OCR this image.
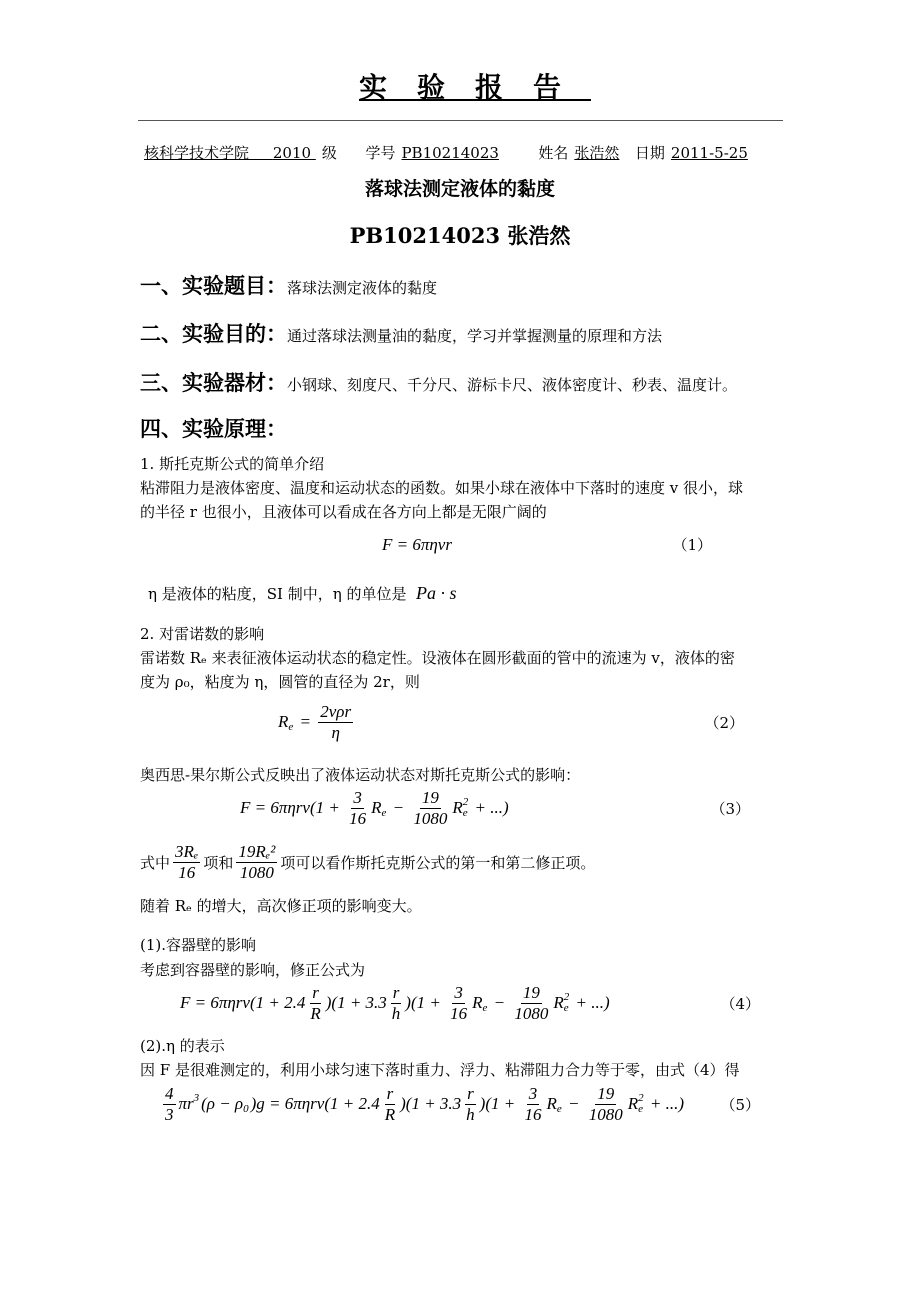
实验报告
核科学技术学院 2010 级 学号 PB10214023	姓名 张浩然 日期 2011-5-25
落球法测定液体的黏度
PB10214023 张浩然
一、实验题目：落球法测定液体的黏度
二、实验目的：通过落球法测量油的黏度，学习并掌握测量的原理和方法
三、实验器材：小钢球、刻度尺、千分尺、游标卡尺、液体密度计、秒表、温度计。
四、实验原理：
1. 斯托克斯公式的简单介绍
粘滞阻力是液体密度、温度和运动状态的函数。如果小球在液体中下落时的速度 v 很小，球
的半径 r 也很小，且液体可以看成在各方向上都是无限广阔的
F = 6πηvr	（1）
η 是液体的粘度，SI 制中，η 的单位是 Pa · s
2. 对雷诺数的影响
雷诺数 Rₑ 来表征液体运动状态的稳定性。设液体在圆形截面的管中的流速为 v，液体的密
度为 ρ₀，粘度为 η，圆管的直径为 2r，则
R
$e = \frac{\text{2vρr}}{\eta}$	（2）
奥西思-果尔斯公式反映出了液体运动状态对斯托克斯公式的影响：
$F = 6\pi\eta rv(1 + \frac{3}{16}$ R
$e - \frac{19}{1080}$ R 2
e + ...)	（3）
式中 $\frac{\text{3Rₑ}}{16}$ 项和 $\frac{\text{19Rₑ²}}{1080}$ 项可以看作斯托克斯公式的第一和第二修正项。
随着 Rₑ 的增大，高次修正项的影响变大。
(1).容器壁的影响
考虑到容器壁的影响，修正公式为
$F = 6\pi\eta rv(1 + 2.4 \frac{r}{R} )(1 + 3.3 \frac{r}{h} )(1 + \frac{3}{16}$ R
$e - \frac{19}{1080}$ R 2
e + ...)	（4）
(2).η 的表示
因 F 是很难测定的，利用小球匀速下落时重力、浮力、粘滞阻力合力等于零，由式（4）得
$\frac{4}{3}$ πr 3
(ρ − ρ
0 )$g = 6\pi\eta rv(1 + 2.4 \frac{r}{R} )(1 + 3.3 \frac{r}{h} )(1 + \frac{3}{16}$ R
$e - \frac{19}{1080}$ R 2
e + ...)	（5）
